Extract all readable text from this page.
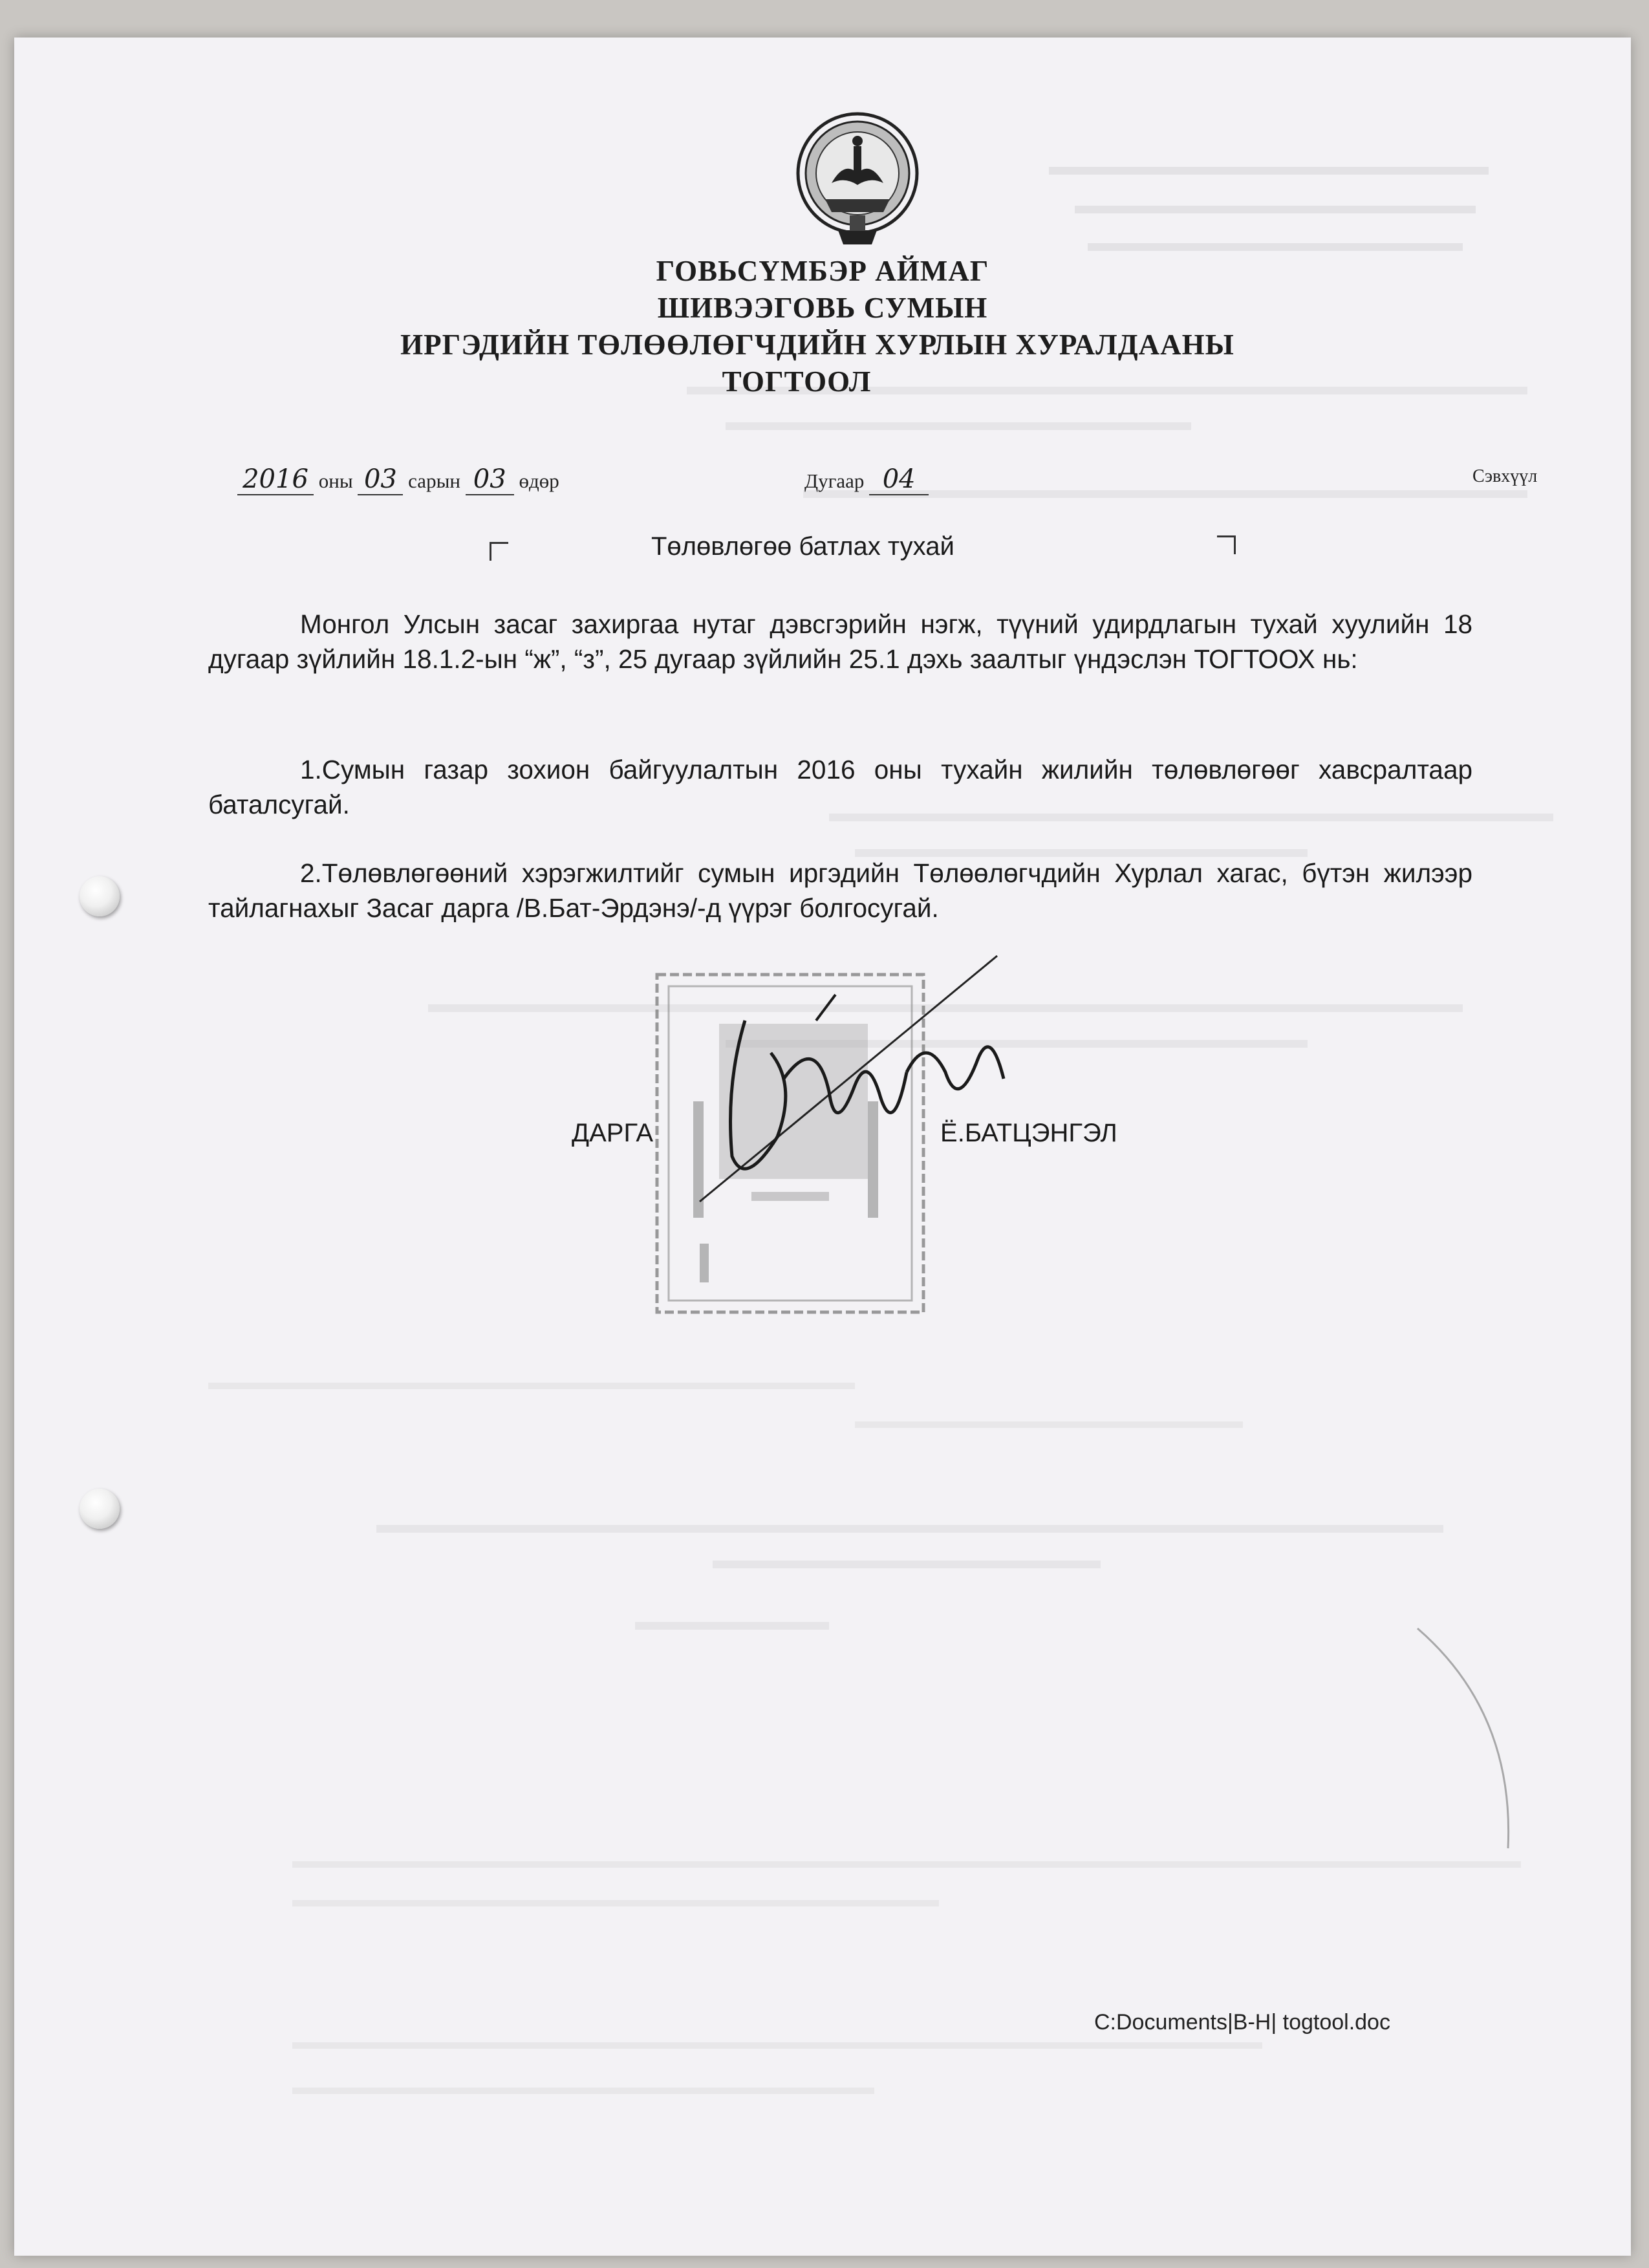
ГОВЬСҮМБЭР АЙМАГ
ШИВЭЭГОВЬ СУМЫН
ИРГЭДИЙН ТӨЛӨӨЛӨГЧДИЙН ХУРЛЫН ХУРАЛДААНЫ
ТОГТООЛ
2016 оны 03 сарын 03 өдөр	Дугаар 04	Сэвхүүл
Төлөвлөгөө батлах тухай
Монгол Улсын засаг захиргаа нутаг дэвсгэрийн нэгж, түүний удирдлагын тухай хуулийн 18 дугаар зүйлийн 18.1.2-ын “ж”, “з”, 25 дугаар зүйлийн 25.1 дэхь заалтыг үндэслэн ТОГТООХ нь:
1.Сумын газар зохион байгуулалтын 2016 оны тухайн жилийн төлөвлөгөөг хавсралтаар баталсугай.
2.Төлөвлөгөөний хэрэгжилтийг сумын иргэдийн Төлөөлөгчдийн Хурлал хагас, бүтэн жилээр тайлагнахыг Засаг дарга /В.Бат-Эрдэнэ/-д үүрэг болгосугай.
ДАРГА	Ё.БАТЦЭНГЭЛ
C:Documents|B-H| togtool.doc
